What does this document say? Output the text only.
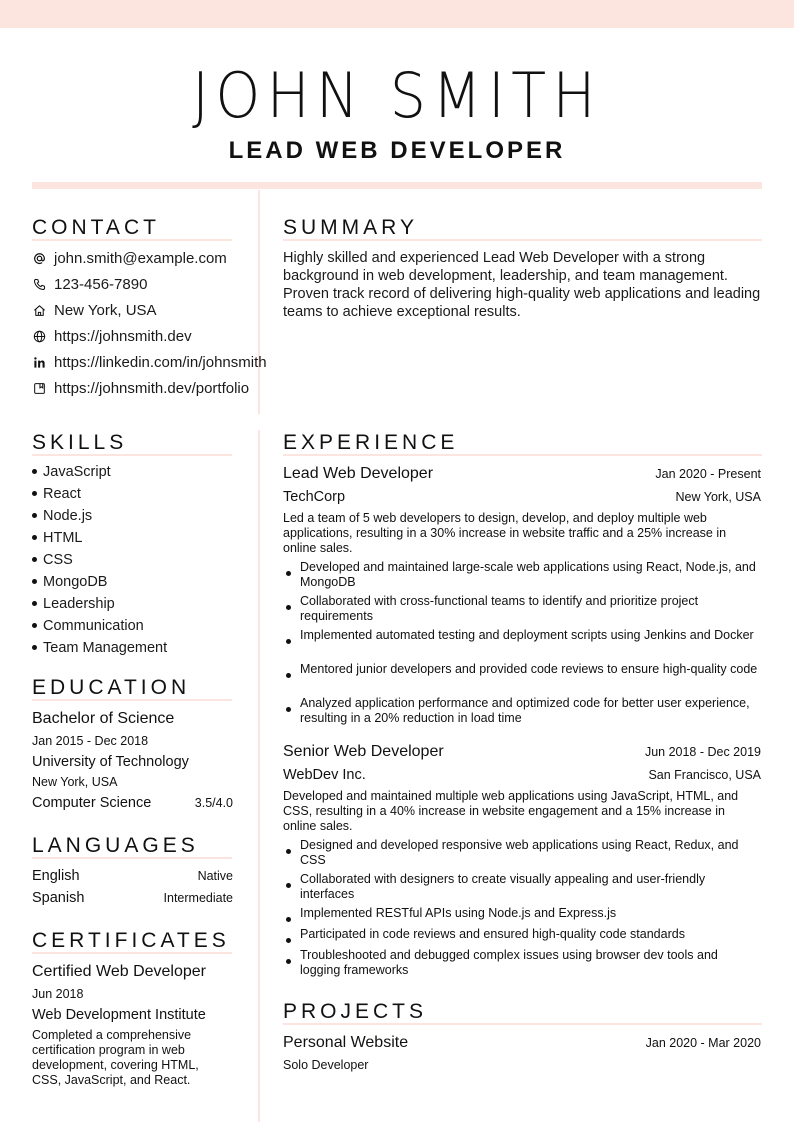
JOHN SMITH
LEAD WEB DEVELOPER
CONTACT
john.smith@example.com
123-456-7890
New York, USA
https://johnsmith.dev
https://linkedin.com/in/johnsmith
https://johnsmith.dev/portfolio
SUMMARY
Highly skilled and experienced Lead Web Developer with a strong background in web development, leadership, and team management. Proven track record of delivering high-quality web applications and leading teams to achieve exceptional results.
SKILLS
JavaScript
React
Node.js
HTML
CSS
MongoDB
Leadership
Communication
Team Management
EDUCATION
Bachelor of Science
Jan 2015 - Dec 2018
University of Technology
New York, USA
Computer Science	3.5/4.0
LANGUAGES
English	Native
Spanish	Intermediate
CERTIFICATES
Certified Web Developer
Jun 2018
Web Development Institute
Completed a comprehensive certification program in web development, covering HTML, CSS, JavaScript, and React.
EXPERIENCE
Lead Web Developer	Jan 2020 - Present
TechCorp	New York, USA
Led a team of 5 web developers to design, develop, and deploy multiple web applications, resulting in a 30% increase in website traffic and a 25% increase in online sales.
Developed and maintained large-scale web applications using React, Node.js, and MongoDB
Collaborated with cross-functional teams to identify and prioritize project requirements
Implemented automated testing and deployment scripts using Jenkins and Docker
Mentored junior developers and provided code reviews to ensure high-quality code
Analyzed application performance and optimized code for better user experience, resulting in a 20% reduction in load time
Senior Web Developer	Jun 2018 - Dec 2019
WebDev Inc.	San Francisco, USA
Developed and maintained multiple web applications using JavaScript, HTML, and CSS, resulting in a 40% increase in website engagement and a 15% increase in online sales.
Designed and developed responsive web applications using React, Redux, and CSS
Collaborated with designers to create visually appealing and user-friendly interfaces
Implemented RESTful APIs using Node.js and Express.js
Participated in code reviews and ensured high-quality code standards
Troubleshooted and debugged complex issues using browser dev tools and logging frameworks
PROJECTS
Personal Website	Jan 2020 - Mar 2020
Solo Developer
